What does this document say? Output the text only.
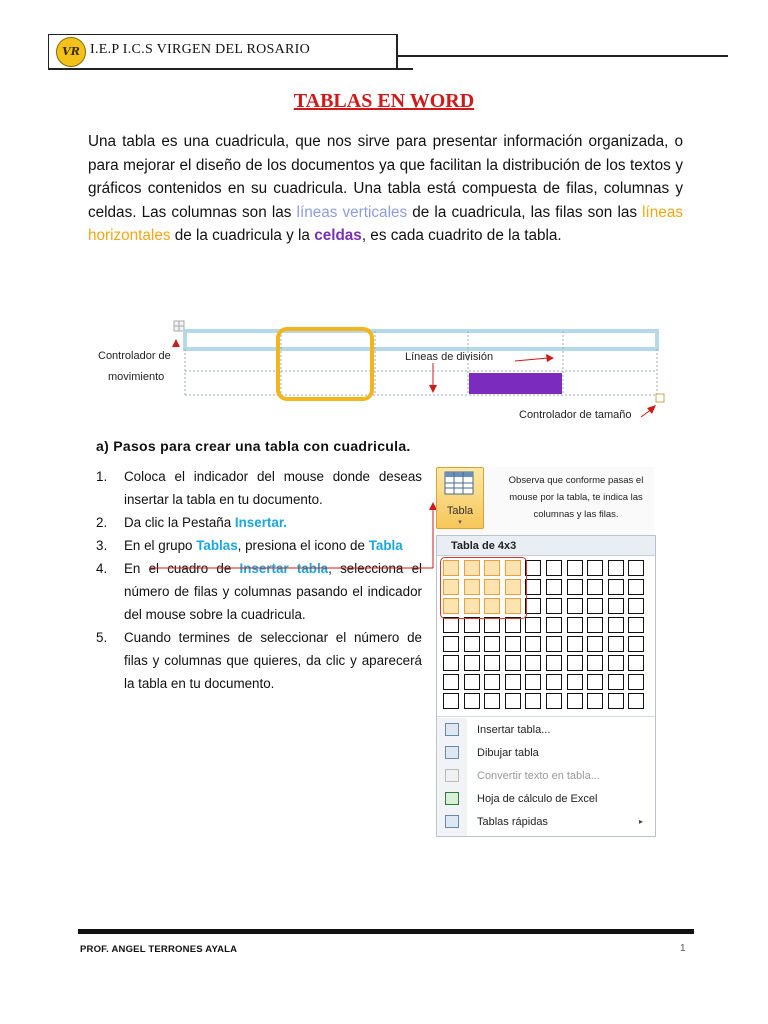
VR I.E.P I.C.S VIRGEN DEL ROSARIO
TABLAS EN WORD
Una tabla es una cuadricula, que nos sirve para presentar información organizada, o para mejorar el diseño de los documentos ya que facilitan la distribución de los textos y gráficos contenidos en su cuadricula. Una tabla está compuesta de filas, columnas y celdas. Las columnas son las líneas verticales de la cuadricula, las filas son las líneas horizontales de la cuadricula y la celdas, es cada cuadrito de la tabla.
Controlador de
movimiento
Líneas de división
Controlador de tamaño
a) Pasos para crear una tabla con cuadricula.
1.	Coloca el indicador del mouse donde deseas insertar la tabla en tu documento.
2.	Da clic la Pestaña Insertar.
3.	En el grupo Tablas, presiona el icono de Tabla
4.	En el cuadro de Insertar tabla, selecciona el número de filas y columnas pasando el indicador del mouse sobre la cuadricula.
5.	Cuando termines de seleccionar el número de filas y columnas que quieres, da clic y aparecerá la tabla en tu documento.
Tabla
▾
Observa que conforme pasas el mouse por la tabla, te indica las columnas y las filas.
Tabla de 4x3
Insertar tabla...
Dibujar tabla
Convertir texto en tabla...
Hoja de cálculo de Excel
Tablas rápidas	▸
PROF. ANGEL TERRONES AYALA	1
